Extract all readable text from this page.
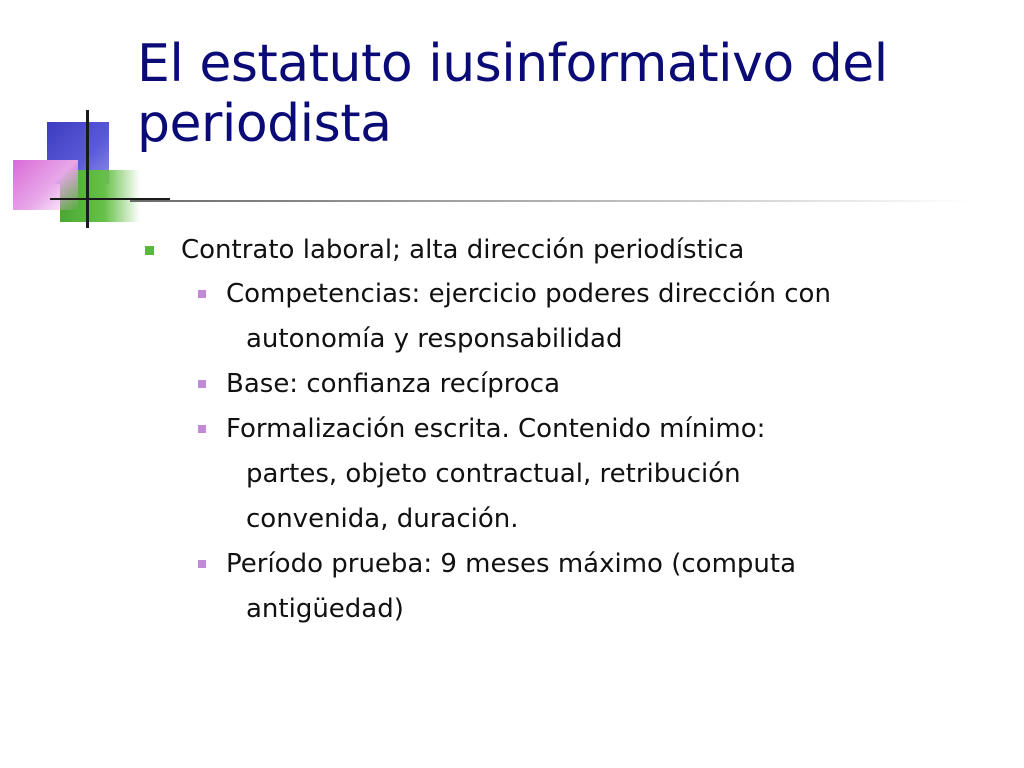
El estatuto iusinformativo del periodista

Contrato laboral; alta dirección periodística

Competencias: ejercicio poderes dirección con
autonomía y responsabilidad
Base: confianza recíproca
Formalización escrita. Contenido mínimo:
partes, objeto contractual, retribución
convenida, duración.
Período prueba: 9 meses máximo (computa
antigüedad)
